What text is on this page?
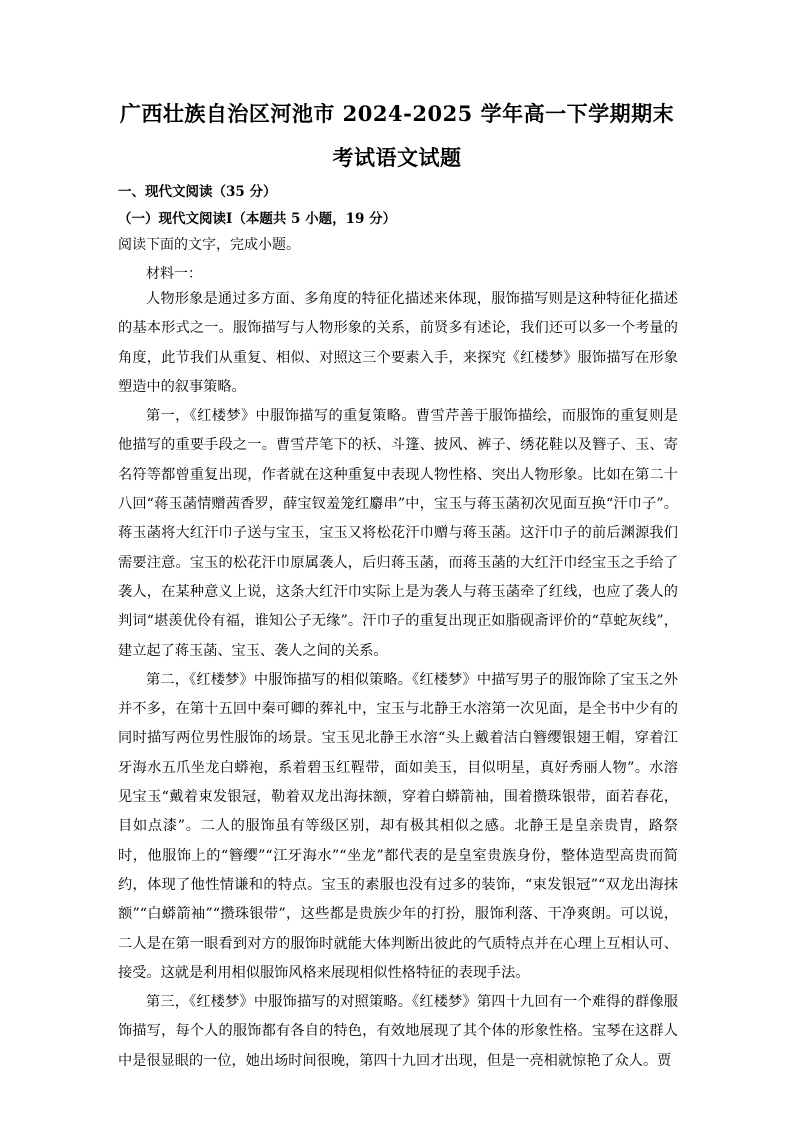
广西壮族自治区河池市 2024-2025 学年高一下学期期末
考试语文试题
一、现代文阅读（35 分）
（一）现代文阅读Ⅰ（本题共 5 小题，19 分）
阅读下面的文字，完成小题。
材料一：

人物形象是通过多方面、多角度的特征化描述来体现，服饰描写则是这种特征化描述的基本形式之一。服饰描写与人物形象的关系，前贤多有述论，我们还可以多一个考量的角度，此节我们从重复、相似、对照这三个要素入手，来探究《红楼梦》服饰描写在形象塑造中的叙事策略。

第一，《红楼梦》中服饰描写的重复策略。曹雪芹善于服饰描绘，而服饰的重复则是他描写的重要手段之一。曹雪芹笔下的袄、斗篷、披风、裤子、绣花鞋以及簪子、玉、寄名符等都曾重复出现，作者就在这种重复中表现人物性格、突出人物形象。比如在第二十八回“蒋玉菡情赠茜香罗，薛宝钗羞笼红麝串”中，宝玉与蒋玉菡初次见面互换“汗巾子”。蒋玉菡将大红汗巾子送与宝玉，宝玉又将松花汗巾赠与蒋玉菡。这汗巾子的前后渊源我们需要注意。宝玉的松花汗巾原属袭人，后归蒋玉菡，而蒋玉菡的大红汗巾经宝玉之手给了袭人，在某种意义上说，这条大红汗巾实际上是为袭人与蒋玉菡牵了红线，也应了袭人的判词“堪羡优伶有福，谁知公子无缘”。汗巾子的重复出现正如脂砚斋评价的“草蛇灰线”，建立起了蒋玉菡、宝玉、袭人之间的关系。

第二，《红楼梦》中服饰描写的相似策略。《红楼梦》中描写男子的服饰除了宝玉之外并不多，在第十五回中秦可卿的葬礼中，宝玉与北静王水溶第一次见面，是全书中少有的同时描写两位男性服饰的场景。宝玉见北静王水溶“头上戴着洁白簪缨银翅王帽，穿着江牙海水五爪坐龙白蟒袍，系着碧玉红鞓带，面如美玉，目似明星，真好秀丽人物”。水溶见宝玉“戴着束发银冠，勒着双龙出海抹额，穿着白蟒箭袖，围着攒珠银带，面若春花，目如点漆”。二人的服饰虽有等级区别，却有极其相似之感。北静王是皇亲贵胄，路祭时，他服饰上的“簪缨”“江牙海水”“坐龙”都代表的是皇室贵族身份，整体造型高贵而简约，体现了他性情谦和的特点。宝玉的素服也没有过多的装饰，“束发银冠”“双龙出海抹额”“白蟒箭袖”“攒珠银带”，这些都是贵族少年的打扮，服饰利落、干净爽朗。可以说，二人是在第一眼看到对方的服饰时就能大体判断出彼此的气质特点并在心理上互相认可、接受。这就是利用相似服饰风格来展现相似性格特征的表现手法。

第三，《红楼梦》中服饰描写的对照策略。《红楼梦》第四十九回有一个难得的群像服饰描写，每个人的服饰都有各自的特色，有效地展现了其个体的形象性格。宝琴在这群人中是很显眼的一位，她出场时间很晚，第四十九回才出现，但是一亮相就惊艳了众人。贾
